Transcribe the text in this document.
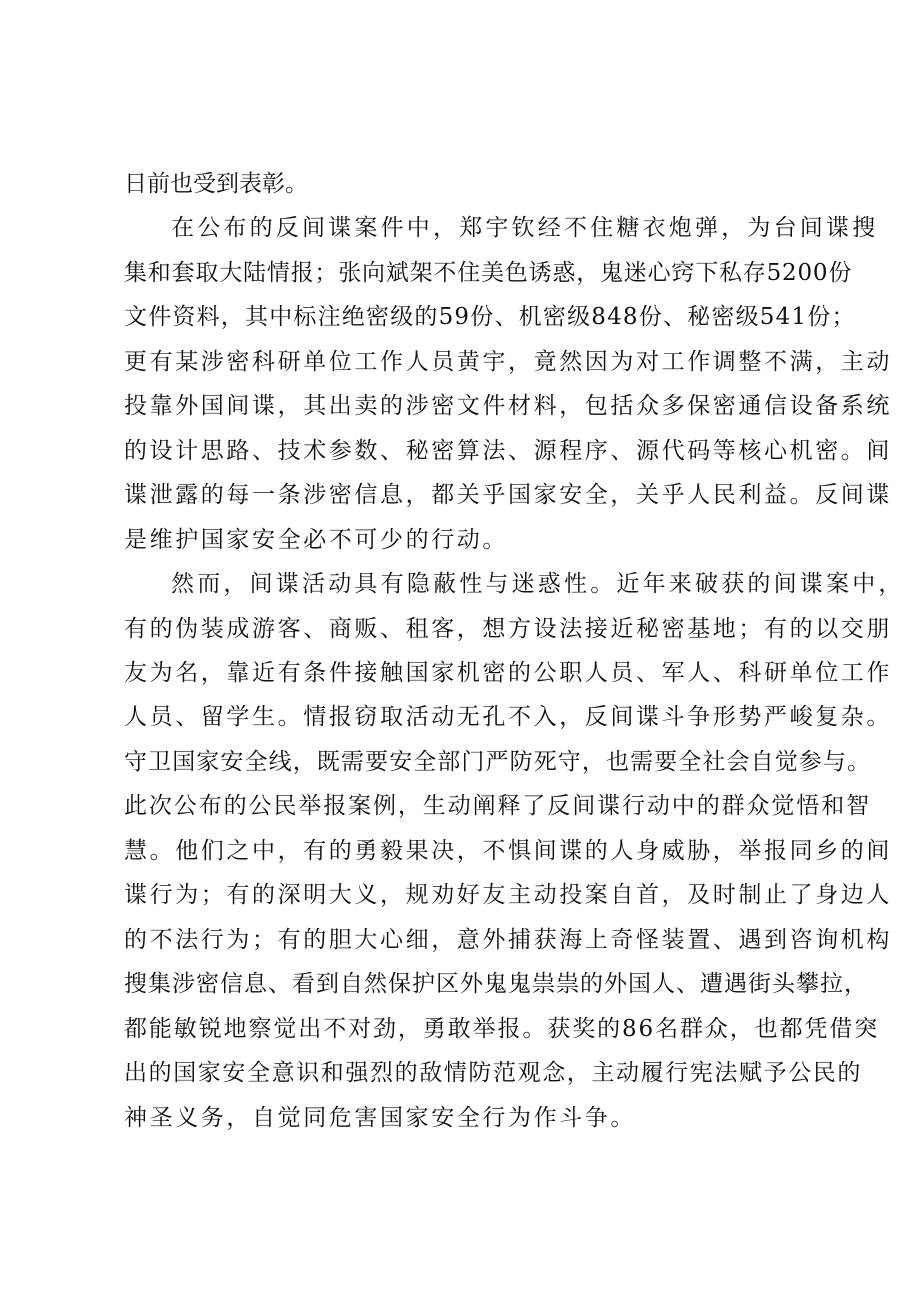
日前也受到表彰。
在公布的反间谍案件中，郑宇钦经不住糖衣炮弹，为台间谍搜
集和套取大陆情报；张向斌架不住美色诱惑，鬼迷心窍下私存5200份
文件资料，其中标注绝密级的59份、机密级848份、秘密级541份；
更有某涉密科研单位工作人员黄宇，竟然因为对工作调整不满，主动
投靠外国间谍，其出卖的涉密文件材料，包括众多保密通信设备系统
的设计思路、技术参数、秘密算法、源程序、源代码等核心机密。间
谍泄露的每一条涉密信息，都关乎国家安全，关乎人民利益。反间谍
是维护国家安全必不可少的行动。
然而，间谍活动具有隐蔽性与迷惑性。近年来破获的间谍案中，
有的伪装成游客、商贩、租客，想方设法接近秘密基地；有的以交朋
友为名，靠近有条件接触国家机密的公职人员、军人、科研单位工作
人员、留学生。情报窃取活动无孔不入，反间谍斗争形势严峻复杂。
守卫国家安全线，既需要安全部门严防死守，也需要全社会自觉参与。
此次公布的公民举报案例，生动阐释了反间谍行动中的群众觉悟和智
慧。他们之中，有的勇毅果决，不惧间谍的人身威胁，举报同乡的间
谍行为；有的深明大义，规劝好友主动投案自首，及时制止了身边人
的不法行为；有的胆大心细，意外捕获海上奇怪装置、遇到咨询机构
搜集涉密信息、看到自然保护区外鬼鬼祟祟的外国人、遭遇街头攀拉，
都能敏锐地察觉出不对劲，勇敢举报。获奖的86名群众，也都凭借突
出的国家安全意识和强烈的敌情防范观念，主动履行宪法赋予公民的
神圣义务，自觉同危害国家安全行为作斗争。
